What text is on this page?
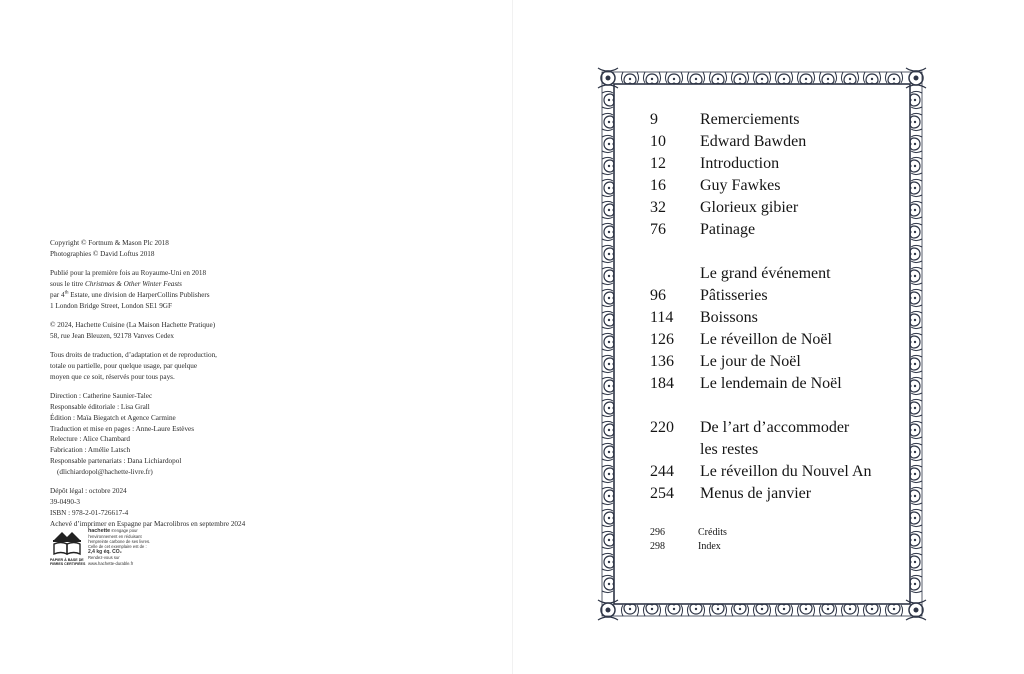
Copyright © Fortnum & Mason Plc 2018
Photographies © David Loftus 2018
Publié pour la première fois au Royaume-Uni en 2018
sous le titre Christmas & Other Winter Feasts
par 4th Estate, une division de HarperCollins Publishers
1 London Bridge Street, London SE1 9GF
© 2024, Hachette Cuisine (La Maison Hachette Pratique)
58, rue Jean Bleuzen, 92178 Vanves Cedex
Tous droits de traduction, d’adaptation et de reproduction,
totale ou partielle, pour quelque usage, par quelque
moyen que ce soit, réservés pour tous pays.
Direction : Catherine Saunier-Talec
Responsable éditoriale : Lisa Grall
Édition : Maïa Biegatch et Agence Carmine
Traduction et mise en pages : Anne-Laure Estèves
Relecture : Alice Chambard
Fabrication : Amélie Latsch
Responsable partenariats : Dana Lichiardopol
(dlichiardopol@hachette-livre.fr)
Dépôt légal : octobre 2024
39-0490-3
ISBN : 978-2-01-726617-4
Achevé d’imprimer en Espagne par Macrolibros en septembre 2024
PAPIER À BASE DE FIBRES CERTIFIÉES
hachette s'engage pour
l'environnement en réduisant
l'empreinte carbone de ses livres.
Celle de cet exemplaire est de :
2,4 kg éq. CO₂
Rendez-vous sur
www.hachette-durable.fr
9	Remerciements
10	Edward Bawden
12	Introduction
16	Guy Fawkes
32	Glorieux gibier
76	Patinage
Le grand événement
96	Pâtisseries
114	Boissons
126	Le réveillon de Noël
136	Le jour de Noël
184	Le lendemain de Noël
220	De l’art d’accommoder
les restes
244	Le réveillon du Nouvel An
254	Menus de janvier
296	Crédits
298	Index
